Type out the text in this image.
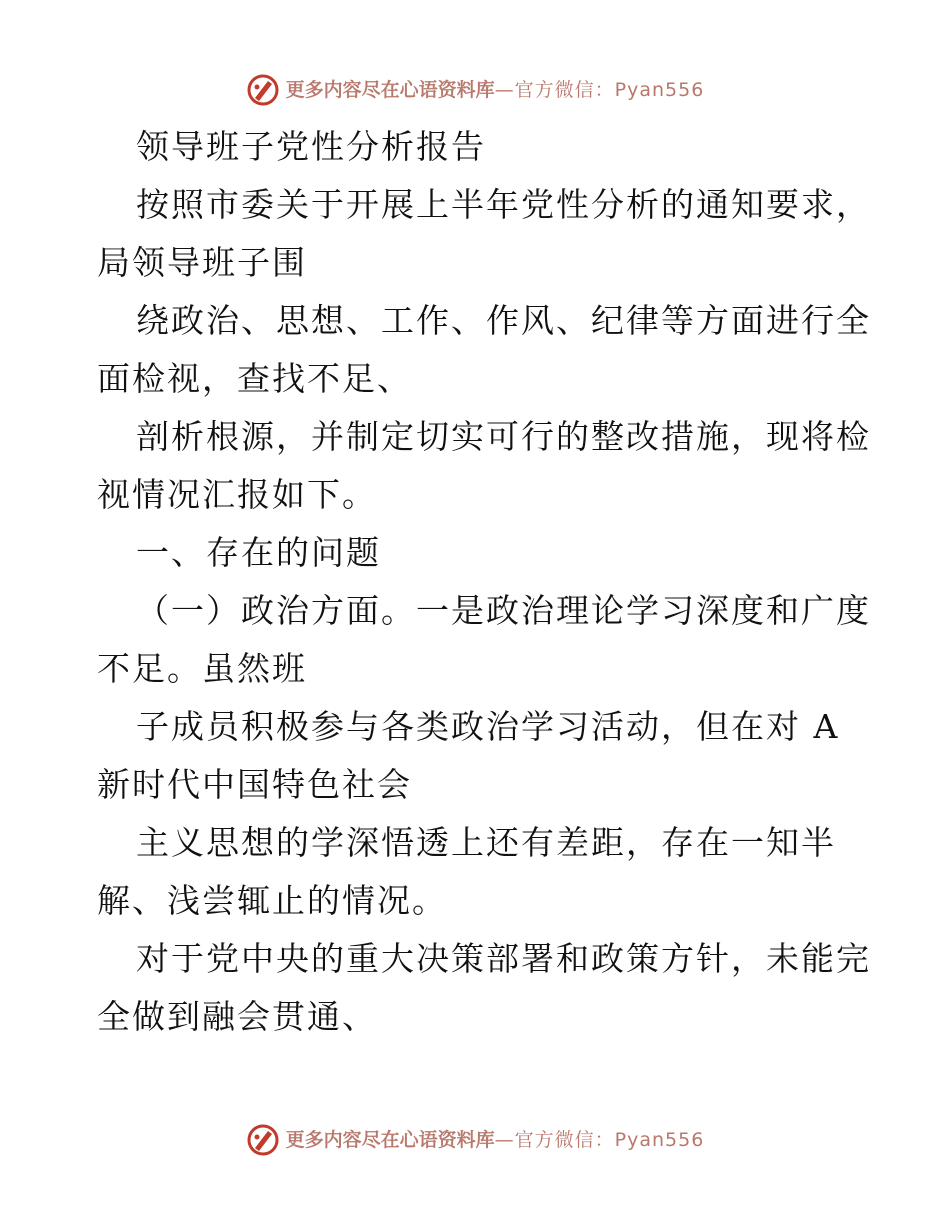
更多内容尽在心语资料库 —官方微信：Pyan556
领导班子党性分析报告
按照市委关于开展上半年党性分析的通知要求，
局领导班子围
绕政治、思想、工作、作风、纪律等方面进行全
面检视，查找不足、
剖析根源，并制定切实可行的整改措施，现将检
视情况汇报如下。
一、存在的问题
（一）政治方面。一是政治理论学习深度和广度
不足。虽然班
子成员积极参与各类政治学习活动，但在对 A
新时代中国特色社会
主义思想的学深悟透上还有差距，存在一知半
解、浅尝辄止的情况。
对于党中央的重大决策部署和政策方针，未能完
全做到融会贯通、
更多内容尽在心语资料库 —官方微信：Pyan556
